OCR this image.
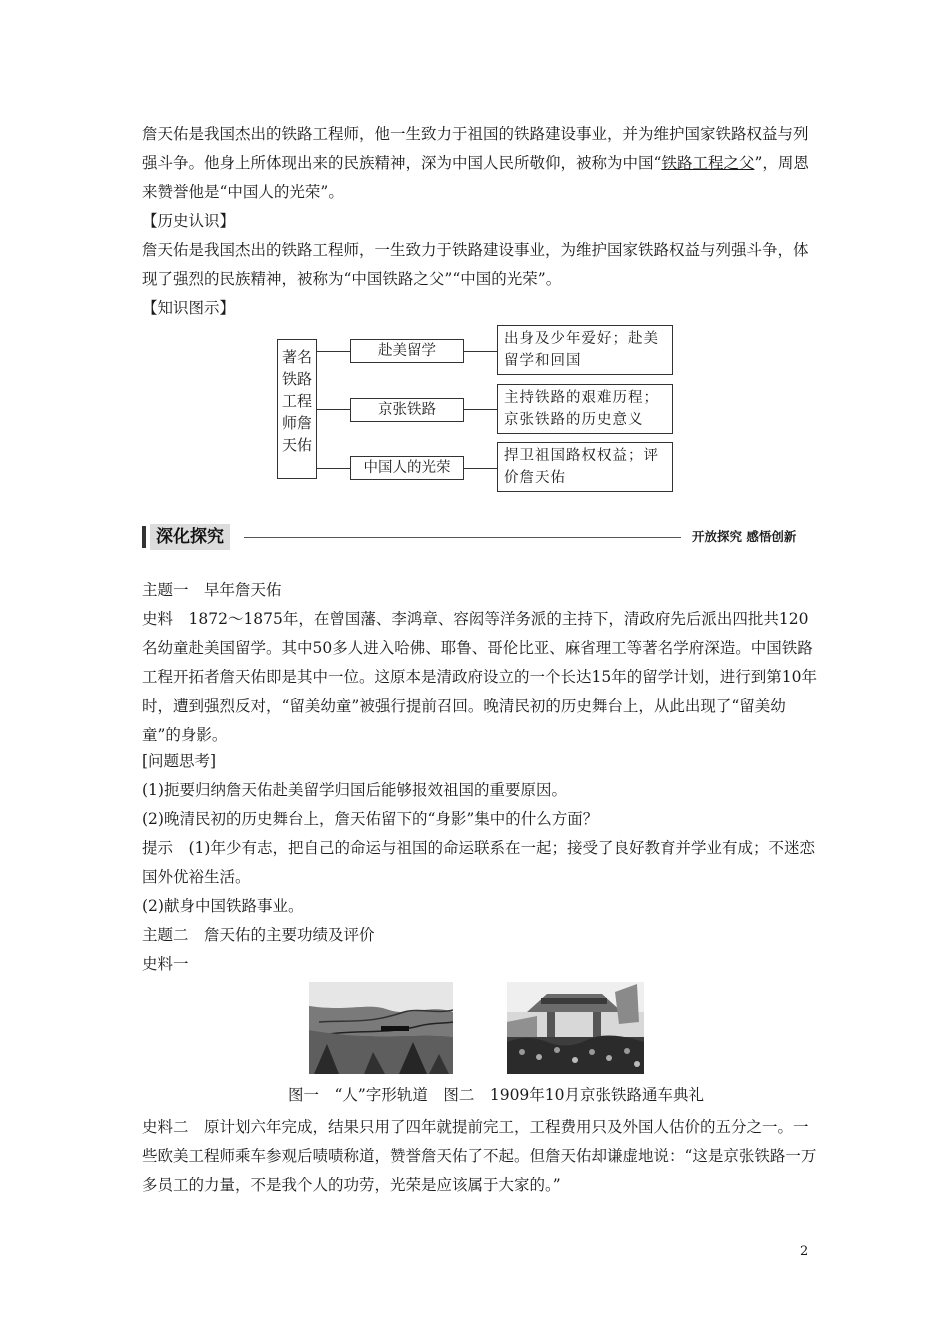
詹天佑是我国杰出的铁路工程师，他一生致力于祖国的铁路建设事业，并为维护国家铁路权益与列强斗争。他身上所体现出来的民族精神，深为中国人民所敬仰，被称为中国“铁路工程之父”，周恩来赞誉他是“中国人的光荣”。

【历史认识】

詹天佑是我国杰出的铁路工程师，一生致力于铁路建设事业，为维护国家铁路权益与列强斗争，体现了强烈的民族精神，被称为“中国铁路之父”“中国的光荣”。

【知识图示】

著名
铁路
工程
师詹
天佑
赴美留学
京张铁路
中国人的光荣
出身及少年爱好；赴美留学和回国
主持铁路的艰难历程；京张铁路的历史意义
捍卫祖国路权权益；评价詹天佑
深化探究	开放探究 感悟创新

主题一　早年詹天佑

史料　1872～1875年，在曾国藩、李鸿章、容闳等洋务派的主持下，清政府先后派出四批共120名幼童赴美国留学。其中50多人进入哈佛、耶鲁、哥伦比亚、麻省理工等著名学府深造。中国铁路工程开拓者詹天佑即是其中一位。这原本是清政府设立的一个长达15年的留学计划，进行到第10年时，遭到强烈反对，“留美幼童”被强行提前召回。晚清民初的历史舞台上，从此出现了“留美幼童”的身影。

[问题思考]

(1)扼要归纳詹天佑赴美留学归国后能够报效祖国的重要原因。

(2)晚清民初的历史舞台上，詹天佑留下的“身影”集中的什么方面？

提示　(1)年少有志，把自己的命运与祖国的命运联系在一起；接受了良好教育并学业有成；不迷恋国外优裕生活。

(2)献身中国铁路事业。

主题二　詹天佑的主要功绩及评价

史料一

图一　“人”字形轨道　图二　1909年10月京张铁路通车典礼

史料二　原计划六年完成，结果只用了四年就提前完工，工程费用只及外国人估价的五分之一。一些欧美工程师乘车参观后啧啧称道，赞誉詹天佑了不起。但詹天佑却谦虚地说：“这是京张铁路一万多员工的力量，不是我个人的功劳，光荣是应该属于大家的。”

2
